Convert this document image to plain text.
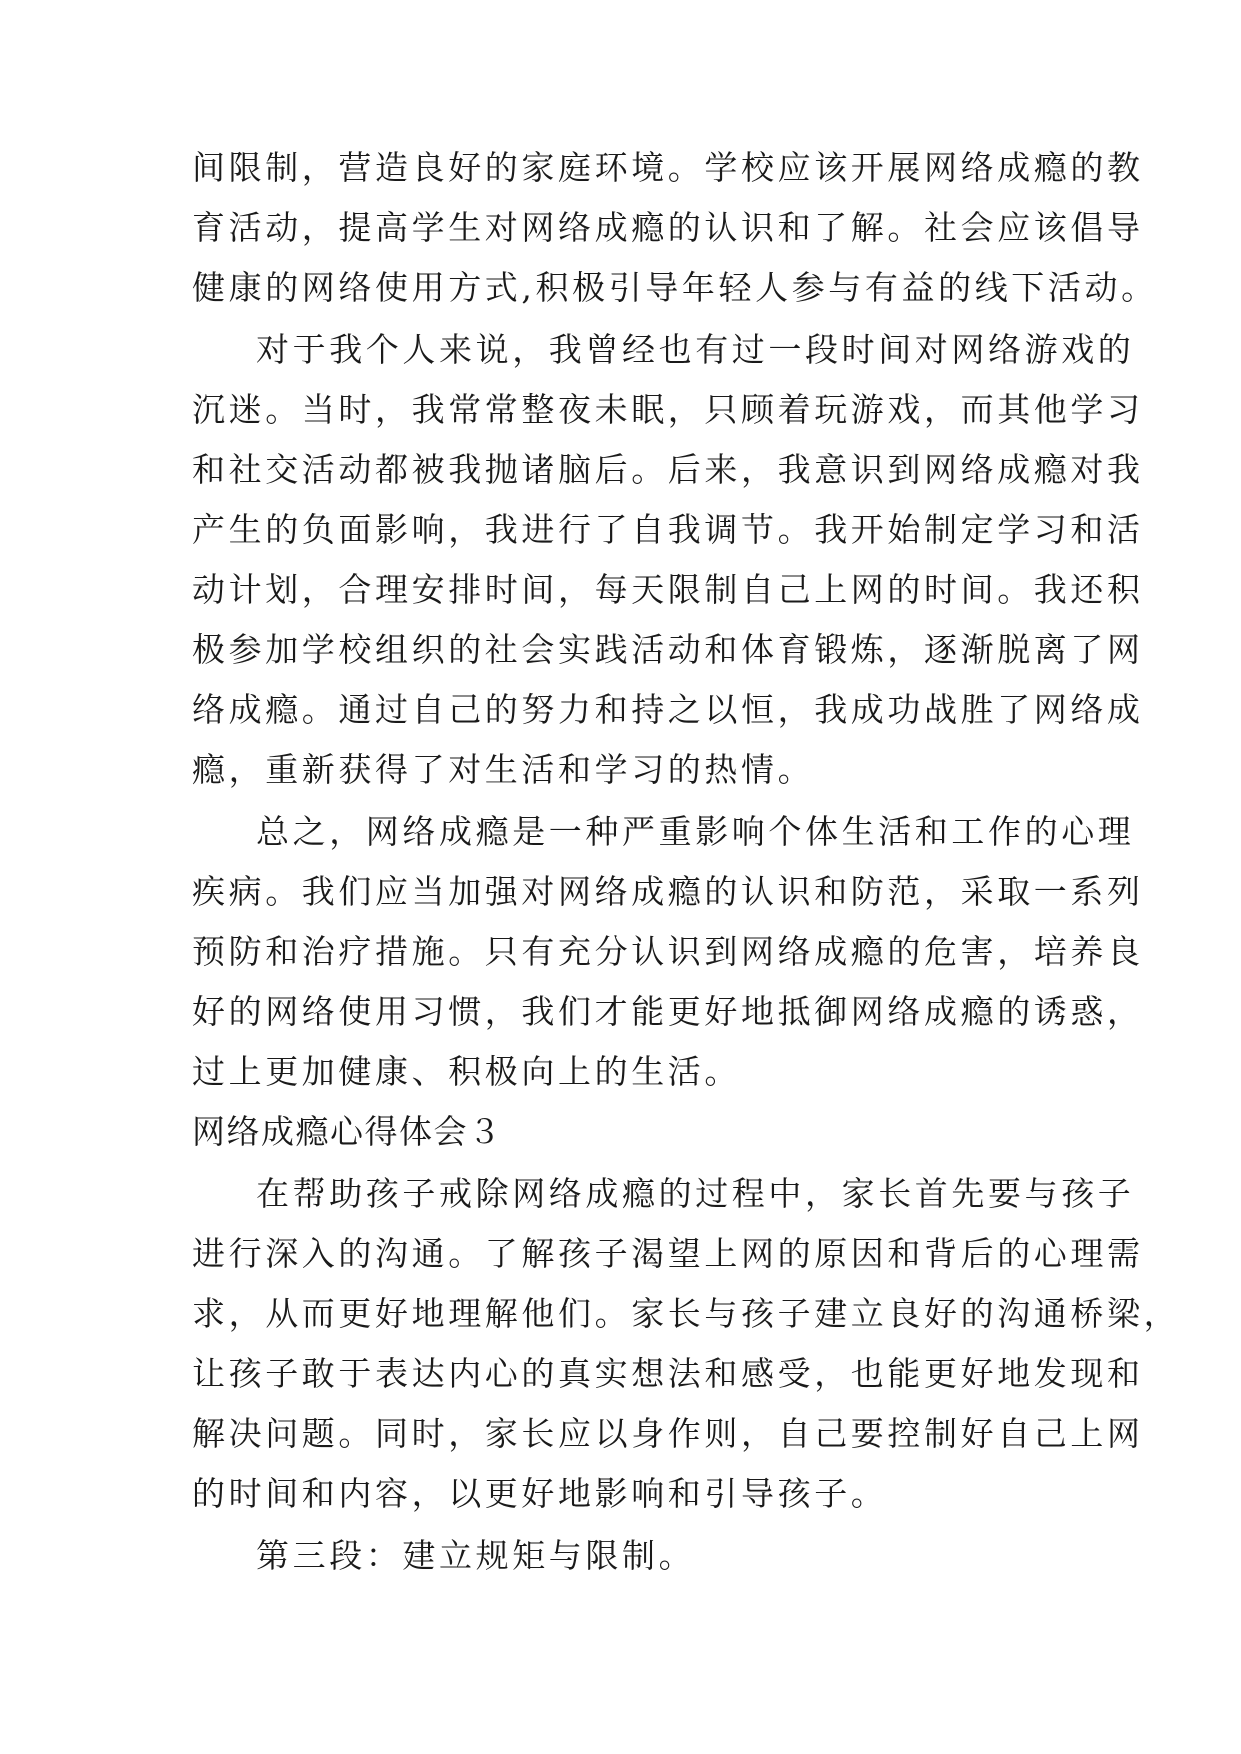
间限制，营造良好的家庭环境。学校应该开展网络成瘾的教
育活动，提高学生对网络成瘾的认识和了解。社会应该倡导
健康的网络使用方式,积极引导年轻人参与有益的线下活动。
对于我个人来说，我曾经也有过一段时间对网络游戏的
沉迷。当时，我常常整夜未眠，只顾着玩游戏，而其他学习
和社交活动都被我抛诸脑后。后来，我意识到网络成瘾对我
产生的负面影响，我进行了自我调节。我开始制定学习和活
动计划，合理安排时间，每天限制自己上网的时间。我还积
极参加学校组织的社会实践活动和体育锻炼，逐渐脱离了网
络成瘾。通过自己的努力和持之以恒，我成功战胜了网络成
瘾，重新获得了对生活和学习的热情。
总之，网络成瘾是一种严重影响个体生活和工作的心理
疾病。我们应当加强对网络成瘾的认识和防范，采取一系列
预防和治疗措施。只有充分认识到网络成瘾的危害，培养良
好的网络使用习惯，我们才能更好地抵御网络成瘾的诱惑，
过上更加健康、积极向上的生活。
网络成瘾心得体会３
在帮助孩子戒除网络成瘾的过程中，家长首先要与孩子
进行深入的沟通。了解孩子渴望上网的原因和背后的心理需
求，从而更好地理解他们。家长与孩子建立良好的沟通桥梁，
让孩子敢于表达内心的真实想法和感受，也能更好地发现和
解决问题。同时，家长应以身作则，自己要控制好自己上网
的时间和内容，以更好地影响和引导孩子。
第三段：建立规矩与限制。
